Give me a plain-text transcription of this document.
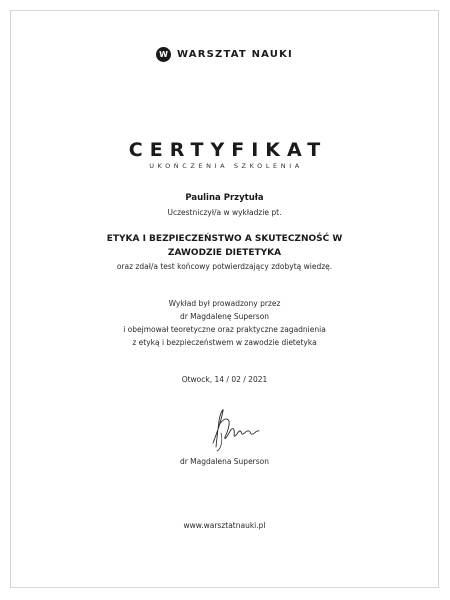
W WARSZTAT NAUKI
CERTYFIKAT
UKOŃCZENIA SZKOLENIA
Paulina Przytuła
Uczestniczył/a w wykładzie pt.
ETYKA I BEZPIECZEŃSTWO A SKUTECZNOŚĆ W
ZAWODZIE DIETETYKA
oraz zdał/a test końcowy potwierdzający zdobytą wiedzę.
Wykład był prowadzony przez
dr Magdalenę Superson
i obejmował teoretyczne oraz praktyczne zagadnienia
z etyką i bezpieczeństwem w zawodzie dietetyka
Otwock, 14 / 02 / 2021
dr Magdalena Superson
www.warsztatnauki.pl
